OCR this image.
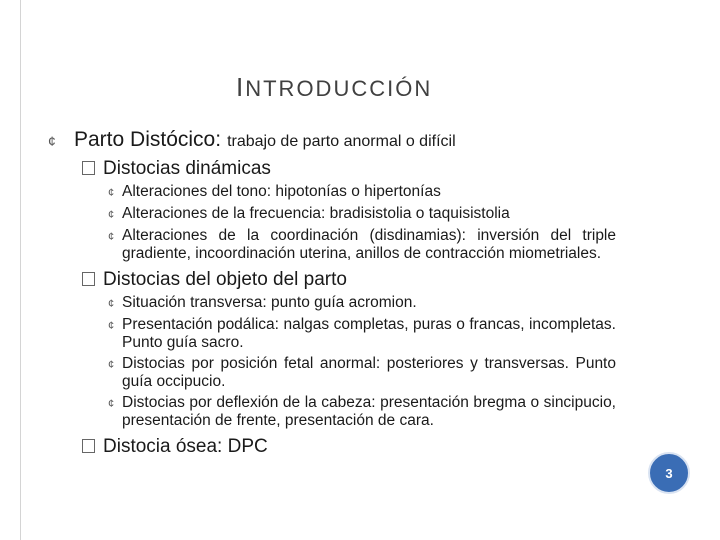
INTRODUCCIÓN
¢ Parto Distócico: trabajo de parto anormal o difícil
Distocias dinámicas
¢ Alteraciones del tono: hipotonías o hipertonías
¢ Alteraciones de la frecuencia: bradisistolia o taquisistolia
¢ Alteraciones de la coordinación (disdinamias): inversión del triple gradiente, incoordinación uterina, anillos de contracción miometriales.
Distocias del objeto del parto
¢ Situación transversa: punto guía acromion.
¢ Presentación podálica: nalgas completas, puras o francas, incompletas. Punto guía sacro.
¢ Distocias por posición fetal anormal: posteriores y transversas. Punto guía occipucio.
¢ Distocias por deflexión de la cabeza: presentación bregma o sincipucio, presentación de frente, presentación de cara.
Distocia ósea: DPC
3
